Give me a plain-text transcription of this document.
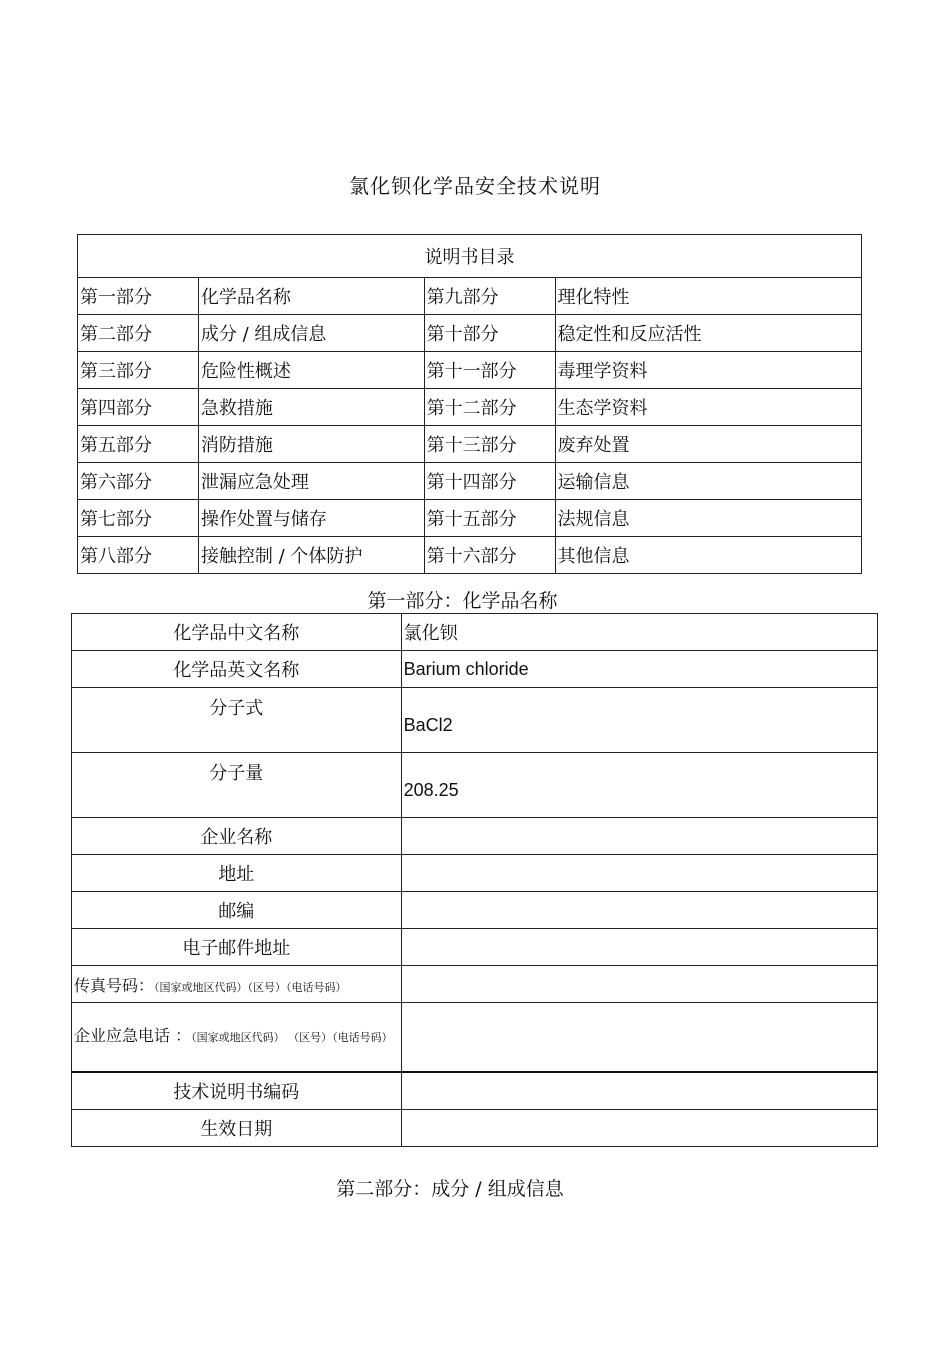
氯化钡化学品安全技术说明
说明书目录			
第一部分	化学品名称	第九部分	理化特性
第二部分	成分 / 组成信息	第十部分	稳定性和反应活性
第三部分	危险性概述	第十一部分	毒理学资料
第四部分	急救措施	第十二部分	生态学资料
第五部分	消防措施	第十三部分	废弃处置
第六部分	泄漏应急处理	第十四部分	运输信息
第七部分	操作处置与储存	第十五部分	法规信息
第八部分	接触控制 / 个体防护	第十六部分	其他信息
第一部分：化学品名称
化学品中文名称	氯化钡
化学品英文名称	Barium chloride
分子式	BaCl2
分子量	208.25
企业名称	
地址	
邮编	
电子邮件地址	
传真号码：（国家或地区代码）（区号）（电话号码）	
企业应急电话 ：（国家或地区代码） （区号）（电话号码）	
技术说明书编码	
生效日期	
第二部分：成分 / 组成信息
